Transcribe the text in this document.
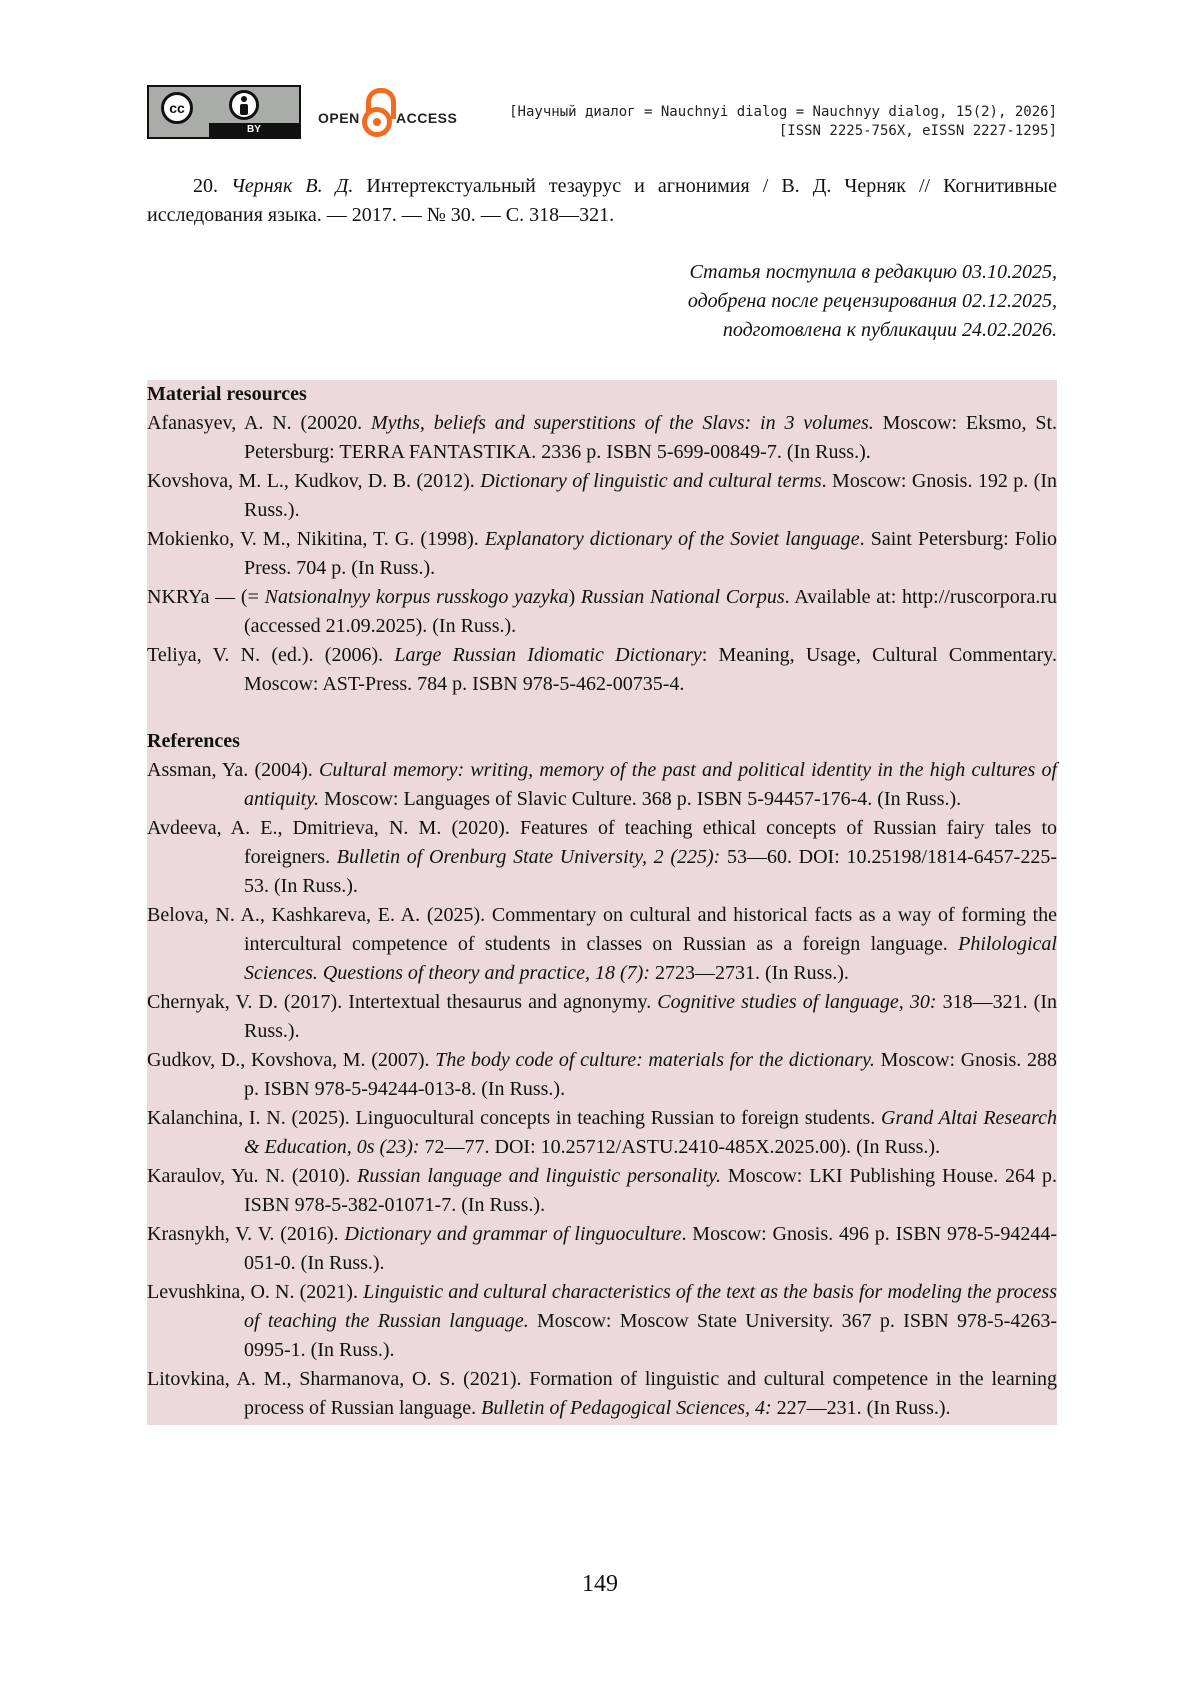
cc
BY
OPEN	ACCESS	[Научный диалог = Nauchnyi dialog = Nauchnyy dialog, 15(2), 2026]
[ISSN 2225-756X, eISSN 2227-1295]
20. Черняк В. Д. Интертекстуальный тезаурус и агнонимия / В. Д. Черняк // Когнитивные исследования языка. — 2017. — № 30. — С. 318—321.
Статья поступила в редакцию 03.10.2025,
одобрена после рецензирования 02.12.2025,
подготовлена к публикации 24.02.2026.
Material resources
Afanasyev, A. N. (20020. Myths, beliefs and superstitions of the Slavs: in 3 volumes. Moscow: Eksmo, St. Petersburg: TERRA FANTASTIKA. 2336 p. ISBN 5-699-00849-7. (In Russ.).
Kovshova, M. L., Kudkov, D. B. (2012). Dictionary of linguistic and cultural terms. Moscow: Gnosis. 192 p. (In Russ.).
Mokienko, V. M., Nikitina, T. G. (1998). Explanatory dictionary of the Soviet language. Saint Petersburg: Folio Press. 704 p. (In Russ.).
NKRYa — (= Natsionalnyy korpus russkogo yazyka) Russian National Corpus. Available at: http://ruscorpora.ru (accessed 21.09.2025). (In Russ.).
Teliya, V. N. (ed.). (2006). Large Russian Idiomatic Dictionary: Meaning, Usage, Cultural Commentary. Moscow: AST-Press. 784 p. ISBN 978-5-462-00735-4.
References
Assman, Ya. (2004). Cultural memory: writing, memory of the past and political identity in the high cultures of antiquity. Moscow: Languages of Slavic Culture. 368 p. ISBN 5-94457-176-4. (In Russ.).
Avdeeva, A. E., Dmitrieva, N. M. (2020). Features of teaching ethical concepts of Russian fairy tales to foreigners. Bulletin of Orenburg State University, 2 (225): 53—60. DOI: 10.25198/1814-6457-225-53. (In Russ.).
Belova, N. A., Kashkareva, E. A. (2025). Commentary on cultural and historical facts as a way of forming the intercultural competence of students in classes on Russian as a foreign language. Philological Sciences. Questions of theory and practice, 18 (7): 2723—2731. (In Russ.).
Chernyak, V. D. (2017). Intertextual thesaurus and agnonymy. Cognitive studies of language, 30: 318—321. (In Russ.).
Gudkov, D., Kovshova, M. (2007). The body code of culture: materials for the dictionary. Moscow: Gnosis. 288 p. ISBN 978-5-94244-013-8. (In Russ.).
Kalanchina, I. N. (2025). Linguocultural concepts in teaching Russian to foreign students. Grand Altai Research & Education, 0s (23): 72—77. DOI: 10.25712/ASTU.2410-485X.2025.00). (In Russ.).
Karaulov, Yu. N. (2010). Russian language and linguistic personality. Moscow: LKI Publishing House. 264 p. ISBN 978-5-382-01071-7. (In Russ.).
Krasnykh, V. V. (2016). Dictionary and grammar of linguoculture. Moscow: Gnosis. 496 p. ISBN 978-5-94244-051-0. (In Russ.).
Levushkina, O. N. (2021). Linguistic and cultural characteristics of the text as the basis for modeling the process of teaching the Russian language. Moscow: Moscow State University. 367 p. ISBN 978-5-4263-0995-1. (In Russ.).
Litovkina, A. M., Sharmanova, O. S. (2021). Formation of linguistic and cultural competence in the learning process of Russian language. Bulletin of Pedagogical Sciences, 4: 227—231. (In Russ.).
149
